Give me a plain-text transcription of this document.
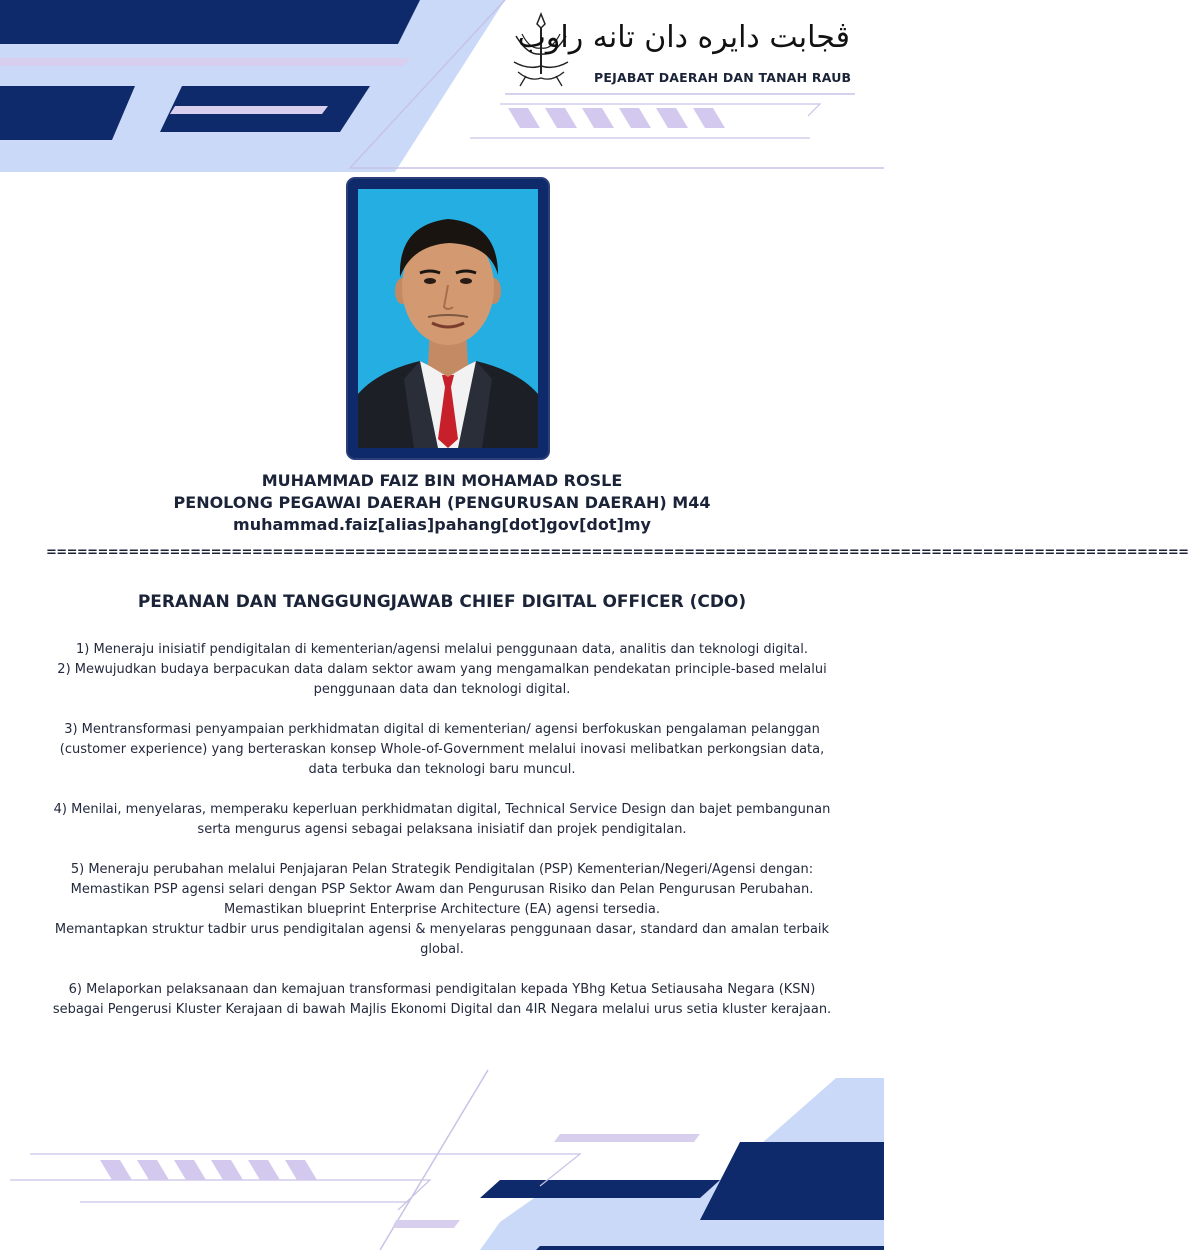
ڤجابت دايره دان تانه راوب
PEJABAT DAERAH DAN TANAH RAUB
MUHAMMAD FAIZ BIN MOHAMAD ROSLE
PENOLONG PEGAWAI DAERAH (PENGURUSAN DAERAH) M44
muhammad.faiz[alias]pahang[dot]gov[dot]my
===============================================================================================================
PERANAN DAN TANGGUNGJAWAB CHIEF DIGITAL OFFICER (CDO)

1) Meneraju inisiatif pendigitalan di kementerian/agensi melalui penggunaan data, analitis dan teknologi digital.

2) Mewujudkan budaya berpacukan data dalam sektor awam yang mengamalkan pendekatan principle-based melalui penggunaan data dan teknologi digital.

3) Mentransformasi penyampaian perkhidmatan digital di kementerian/ agensi berfokuskan pengalaman pelanggan (customer experience) yang berteraskan konsep Whole-of-Government melalui inovasi melibatkan perkongsian data, data terbuka dan teknologi baru muncul.

4) Menilai, menyelaras, memperaku keperluan perkhidmatan digital, Technical Service Design dan bajet pembangunan serta mengurus agensi sebagai pelaksana inisiatif dan projek pendigitalan.

5) Meneraju perubahan melalui Penjajaran Pelan Strategik Pendigitalan (PSP) Kementerian/Negeri/Agensi dengan:

Memastikan PSP agensi selari dengan PSP Sektor Awam dan Pengurusan Risiko dan Pelan Pengurusan Perubahan.

Memastikan blueprint Enterprise Architecture (EA) agensi tersedia.

Memantapkan struktur tadbir urus pendigitalan agensi & menyelaras penggunaan dasar, standard dan amalan terbaik global.

6) Melaporkan pelaksanaan dan kemajuan transformasi pendigitalan kepada YBhg Ketua Setiausaha Negara (KSN) sebagai Pengerusi Kluster Kerajaan di bawah Majlis Ekonomi Digital dan 4IR Negara melalui urus setia kluster kerajaan.
